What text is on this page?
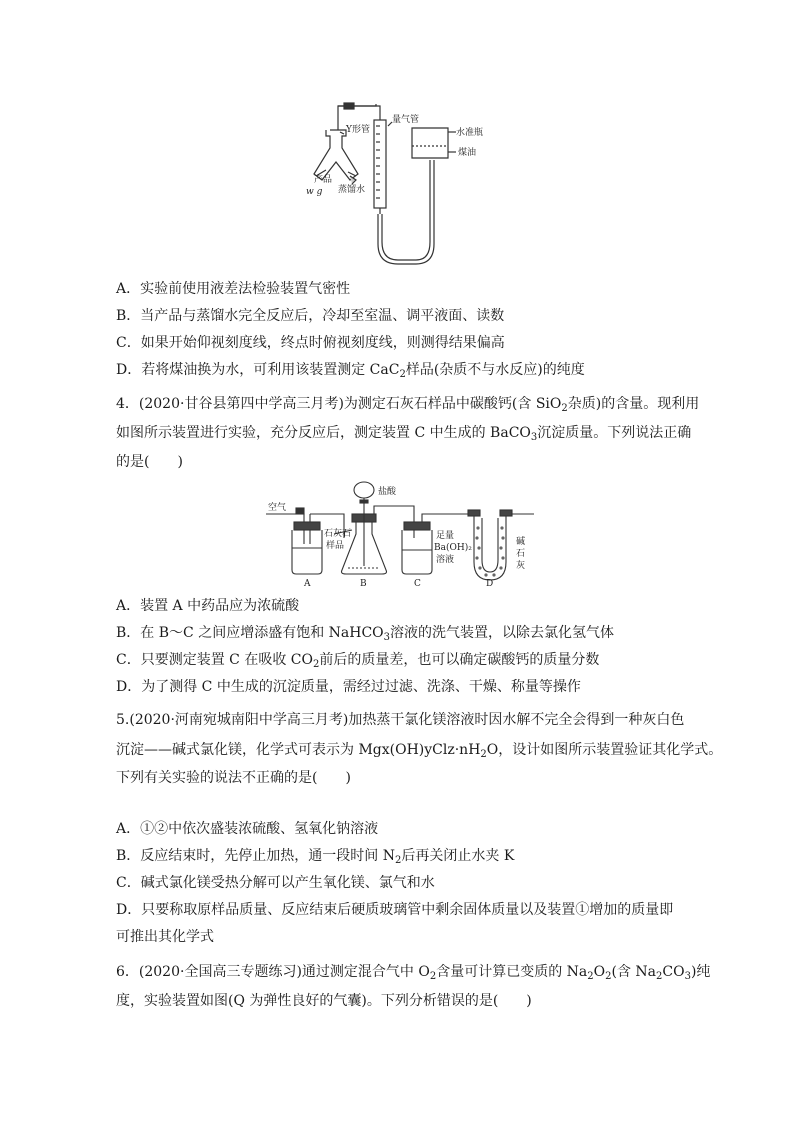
Y形管
量气管
水准瓶
煤油
产品
w g 蒸馏水
A．实验前使用液差法检验装置气密性
B．当产品与蒸馏水完全反应后，冷却至室温、调平液面、读数
C．如果开始仰视刻度线，终点时俯视刻度线，则测得结果偏高
D．若将煤油换为水，可利用该装置测定 CaC$_2$样品(杂质不与水反应)的纯度
4．(2020·甘谷县第四中学高三月考)为测定石灰石样品中碳酸钙(含 SiO$_2$杂质)的含量。现利用
如图所示装置进行实验，充分反应后，测定装置 C 中生成的 BaCO$_3$沉淀质量。下列说法正确
的是(　　)
空气
盐酸
石灰石
样品
足量
Ba(OH)₂
溶液
碱
石
灰
A	B	C	D
A．装置 A 中药品应为浓硫酸
B．在 B～C 之间应增添盛有饱和 NaHCO$_3$溶液的洗气装置，以除去氯化氢气体
C．只要测定装置 C 在吸收 $CO_2$前后的质量差，也可以确定碳酸钙的质量分数
D．为了测得 C 中生成的沉淀质量，需经过过滤、洗涤、干燥、称量等操作
5.(2020·河南宛城南阳中学高三月考)加热蒸干氯化镁溶液时因水解不完全会得到一种灰白色
沉淀——碱式氯化镁，化学式可表示为 $Mgx(OH)yClz\cdot nH_2O$，设计如图所示装置验证其化学式。
下列有关实验的说法不正确的是(　　)
A．①②中依次盛装浓硫酸、氢氧化钠溶液
B．反应结束时，先停止加热，通一段时间 $N_2$后再关闭止水夹 K
C．碱式氯化镁受热分解可以产生氧化镁、氯气和水
D．只要称取原样品质量、反应结束后硬质玻璃管中剩余固体质量以及装置①增加的质量即
可推出其化学式
6．(2020·全国高三专题练习)通过测定混合气中 $O_2$含量可计算已变质的 $Na_2O_2$(含 $Na_2CO_3$)纯
度，实验装置如图(Q 为弹性良好的气囊)。下列分析错误的是(　　)
